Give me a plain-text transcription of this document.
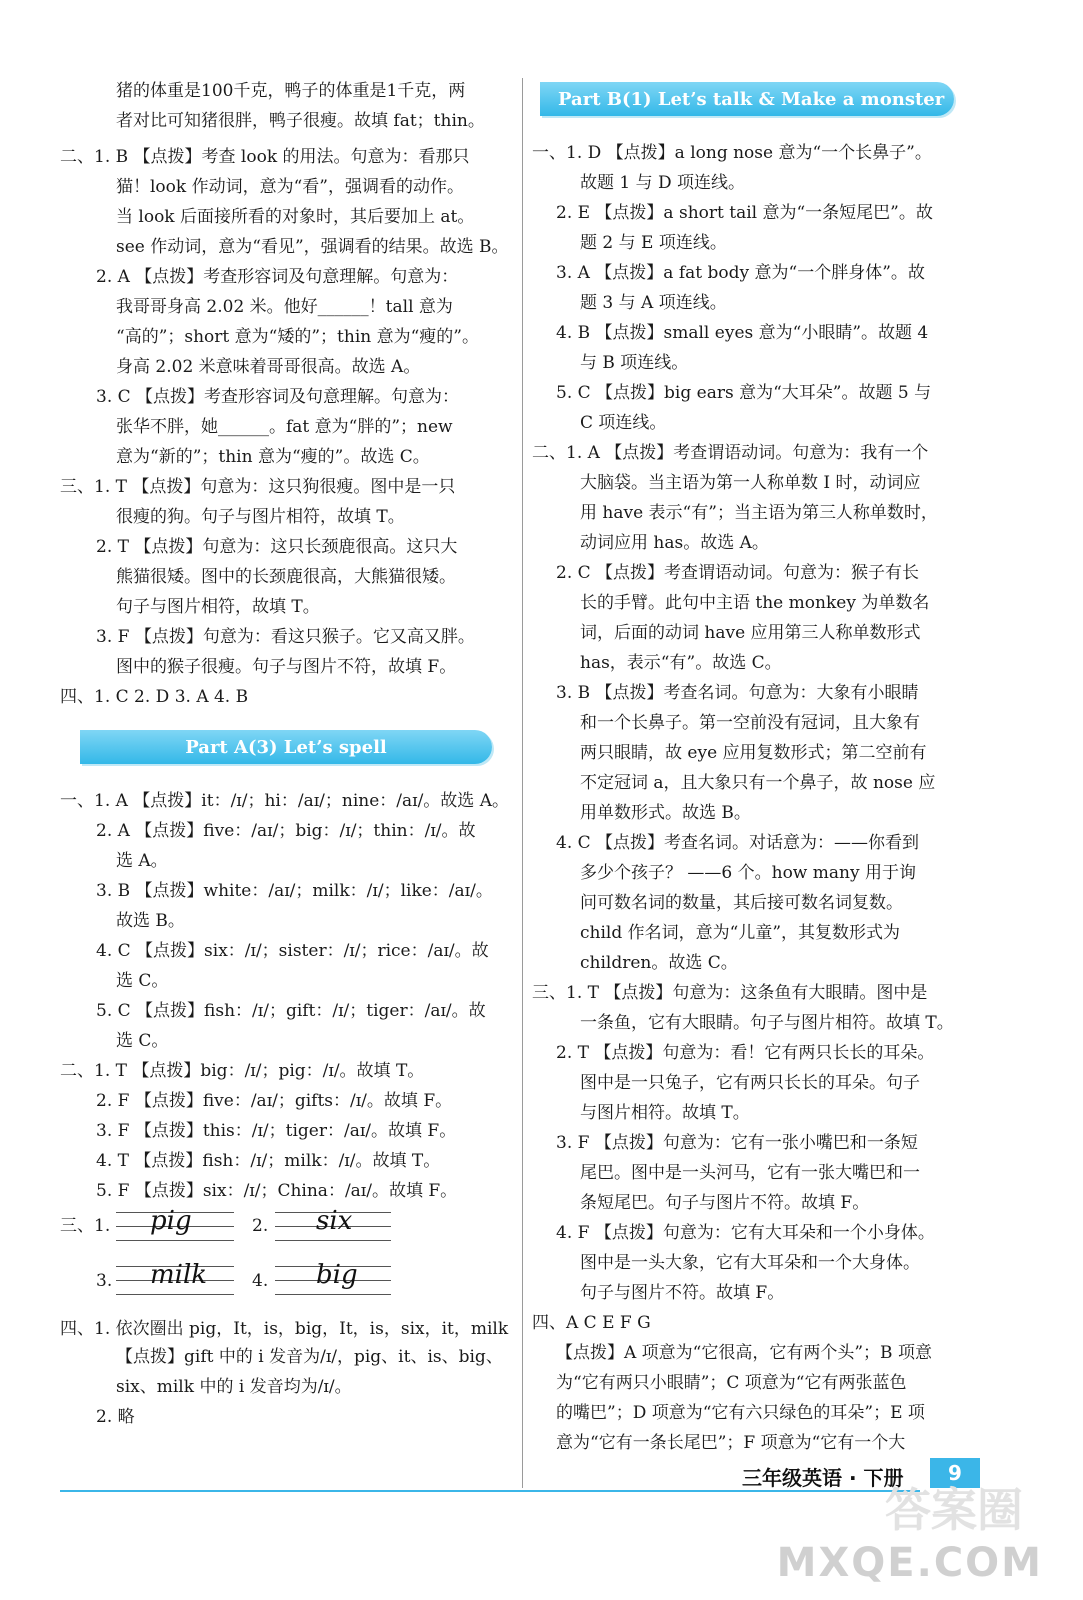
猪的体重是100千克，鸭子的体重是1千克，两
者对比可知猪很胖，鸭子很瘦。故填 fat；thin。
二、1. B 【点拨】考查 look 的用法。句意为：看那只
猫！look 作动词，意为“看”，强调看的动作。
当 look 后面接所看的对象时，其后要加上 at。
see 作动词，意为“看见”，强调看的结果。故选 B。
2. A 【点拨】考查形容词及句意理解。句意为：
我哥哥身高 2.02 米。他好______！tall 意为
“高的”；short 意为“矮的”；thin 意为“瘦的”。
身高 2.02 米意味着哥哥很高。故选 A。
3. C 【点拨】考查形容词及句意理解。句意为：
张华不胖，她______。fat 意为“胖的”；new
意为“新的”；thin 意为“瘦的”。故选 C。
三、1. T 【点拨】句意为：这只狗很瘦。图中是一只
很瘦的狗。句子与图片相符，故填 T。
2. T 【点拨】句意为：这只长颈鹿很高。这只大
熊猫很矮。图中的长颈鹿很高，大熊猫很矮。
句子与图片相符，故填 T。
3. F 【点拨】句意为：看这只猴子。它又高又胖。
图中的猴子很瘦。句子与图片不符，故填 F。
四、1. C 2. D 3. A 4. B
Part A(3) Let’s spell
一、1. A 【点拨】it：/ɪ/；hi：/aɪ/；nine：/aɪ/。故选 A。
2. A 【点拨】five：/aɪ/；big：/ɪ/；thin：/ɪ/。故
选 A。
3. B 【点拨】white：/aɪ/；milk：/ɪ/；like：/aɪ/。
故选 B。
4. C 【点拨】six：/ɪ/；sister：/ɪ/；rice：/aɪ/。故
选 C。
5. C 【点拨】fish：/ɪ/；gift：/ɪ/；tiger：/aɪ/。故
选 C。
二、1. T 【点拨】big：/ɪ/；pig：/ɪ/。故填 T。
2. F 【点拨】five：/aɪ/；gifts：/ɪ/。故填 F。
3. F 【点拨】this：/ɪ/；tiger：/aɪ/。故填 F。
4. T 【点拨】fish：/ɪ/；milk：/ɪ/。故填 T。
5. F 【点拨】six：/ɪ/；China：/aɪ/。故填 F。
三、1. pig	2. six
3. milk	4. big
四、1. 依次圈出 pig，It，is，big，It，is，six，it，milk
【点拨】gift 中的 i 发音为/ɪ/，pig、it、is、big、
six、milk 中的 i 发音均为/ɪ/。
2. 略
Part B(1) Let’s talk & Make a monster
一、1. D 【点拨】a long nose 意为“一个长鼻子”。
故题 1 与 D 项连线。
2. E 【点拨】a short tail 意为“一条短尾巴”。故
题 2 与 E 项连线。
3. A 【点拨】a fat body 意为“一个胖身体”。故
题 3 与 A 项连线。
4. B 【点拨】small eyes 意为“小眼睛”。故题 4
与 B 项连线。
5. C 【点拨】big ears 意为“大耳朵”。故题 5 与
C 项连线。
二、1. A 【点拨】考查谓语动词。句意为：我有一个
大脑袋。当主语为第一人称单数 I 时，动词应
用 have 表示“有”；当主语为第三人称单数时，
动词应用 has。故选 A。
2. C 【点拨】考查谓语动词。句意为：猴子有长
长的手臂。此句中主语 the monkey 为单数名
词，后面的动词 have 应用第三人称单数形式
has，表示“有”。故选 C。
3. B 【点拨】考查名词。句意为：大象有小眼睛
和一个长鼻子。第一空前没有冠词，且大象有
两只眼睛，故 eye 应用复数形式；第二空前有
不定冠词 a，且大象只有一个鼻子，故 nose 应
用单数形式。故选 B。
4. C 【点拨】考查名词。对话意为：——你看到
多少个孩子？ ——6 个。how many 用于询
问可数名词的数量，其后接可数名词复数。
child 作名词，意为“儿童”，其复数形式为
children。故选 C。
三、1. T 【点拨】句意为：这条鱼有大眼睛。图中是
一条鱼，它有大眼睛。句子与图片相符。故填 T。
2. T 【点拨】句意为：看！它有两只长长的耳朵。
图中是一只兔子，它有两只长长的耳朵。句子
与图片相符。故填 T。
3. F 【点拨】句意为：它有一张小嘴巴和一条短
尾巴。图中是一头河马，它有一张大嘴巴和一
条短尾巴。句子与图片不符。故填 F。
4. F 【点拨】句意为：它有大耳朵和一个小身体。
图中是一头大象，它有大耳朵和一个大身体。
句子与图片不符。故填 F。
四、A C E F G
【点拨】A 项意为“它很高，它有两个头”；B 项意
为“它有两只小眼睛”；C 项意为“它有两张蓝色
的嘴巴”；D 项意为“它有六只绿色的耳朵”；E 项
意为“它有一条长尾巴”；F 项意为“它有一个大
三年级英语 · 下册	9
答案圈
MXQE.COM
